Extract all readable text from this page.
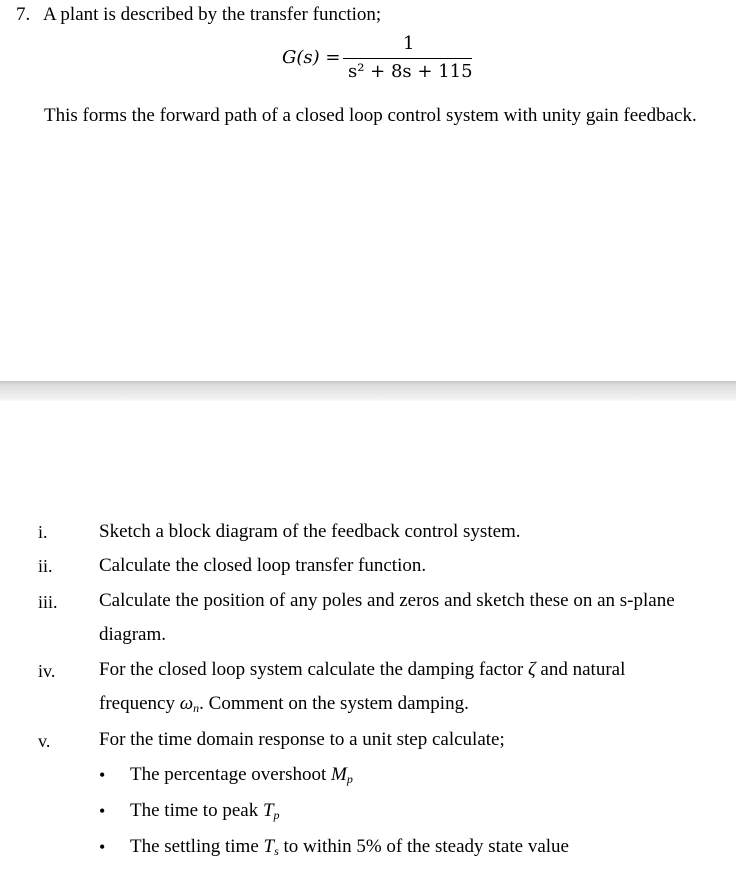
7. A plant is described by the transfer function;
G(s) =
1
s² + 8s + 115
This forms the forward path of a closed loop control system with unity gain feedback.
i.	Sketch a block diagram of the feedback control system.
ii. Calculate the closed loop transfer function.
iii. Calculate the position of any poles and zeros and sketch these on an s-plane
diagram.
iv. For the closed loop system calculate the damping factor ζ and natural
frequency $\omega_n$. Comment on the system damping.
v.	For the time domain response to a unit step calculate;
• The percentage overshoot $M_p$
• The time to peak $T_p$
• The settling time $T_s$ to within 5% of the steady state value
